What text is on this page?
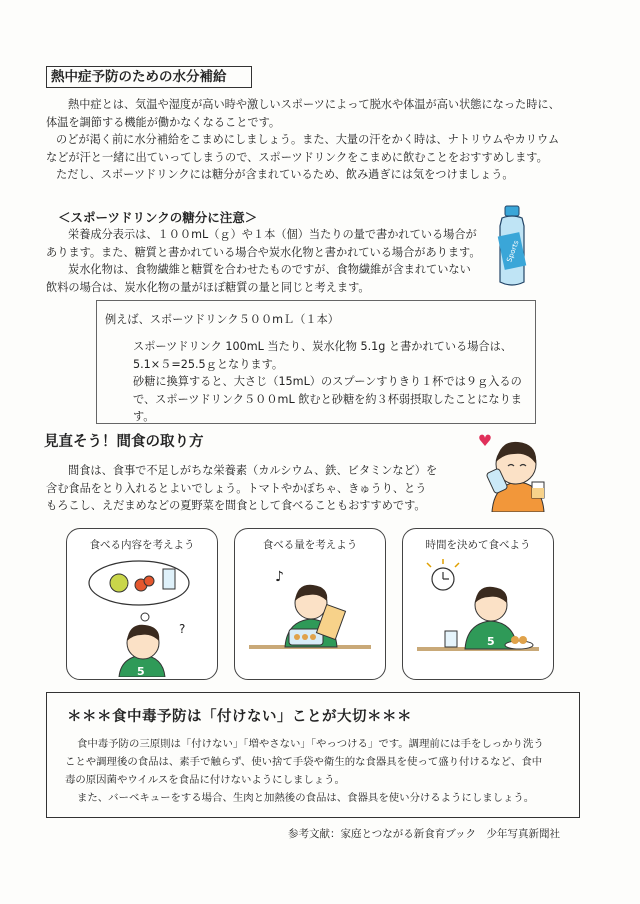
熱中症予防のための水分補給

熱中症とは、気温や湿度が高い時や激しいスポーツによって脱水や体温が高い状態になった時に、

体温を調節する機能が働かなくなることです。

のどが渇く前に水分補給をこまめにしましょう。また、大量の汗をかく時は、ナトリウムやカリウム

などが汗と一緒に出ていってしまうので、スポーツドリンクをこまめに飲むことをおすすめします。

ただし、スポーツドリンクには糖分が含まれているため、飲み過ぎには気をつけましょう。

＜スポーツドリンクの糖分に注意＞

栄養成分表示は、１００mL（ｇ）や１本（個）当たりの量で書かれている場合が

あります。また、糖質と書かれている場合や炭水化物と書かれている場合があります。

炭水化物は、食物繊維と糖質を合わせたものですが、食物繊維が含まれていない

飲料の場合は、炭水化物の量がほぼ糖質の量と同じと考えます。

Sports
例えば、スポーツドリンク５００mＬ（１本）

スポーツドリンク 100mL 当たり、炭水化物 5.1g と書かれている場合は、

5.1×５=25.5ｇとなります。

砂糖に換算すると、大さじ（15mL）のスプーンすりきり１杯では９ｇ入るの

で、スポーツドリンク５００mL 飲むと砂糖を約３杯弱摂取したことになりま

す。

見直そう！間食の取り方

間食は、食事で不足しがちな栄養素（カルシウム、鉄、ビタミンなど）を

含む食品をとり入れるとよいでしょう。トマトやかぼちゃ、きゅうり、とう

もろこし、えだまめなどの夏野菜を間食として食べることもおすすめです。

食べる内容を考えよう
?
5
食べる量を考えよう
♪
時間を決めて食べよう
5
＊＊＊食中毒予防は「付けない」ことが大切＊＊＊

食中毒予防の三原則は「付けない」「増やさない」「やっつける」です。調理前には手をしっかり洗う

ことや調理後の食品は、素手で触らず、使い捨て手袋や衛生的な食器具を使って盛り付けるなど、食中

毒の原因菌やウイルスを食品に付けないようにしましょう。

また、バーベキューをする場合、生肉と加熱後の食品は、食器具を使い分けるようにしましょう。

参考文献：家庭とつながる新食育ブック　少年写真新聞社
